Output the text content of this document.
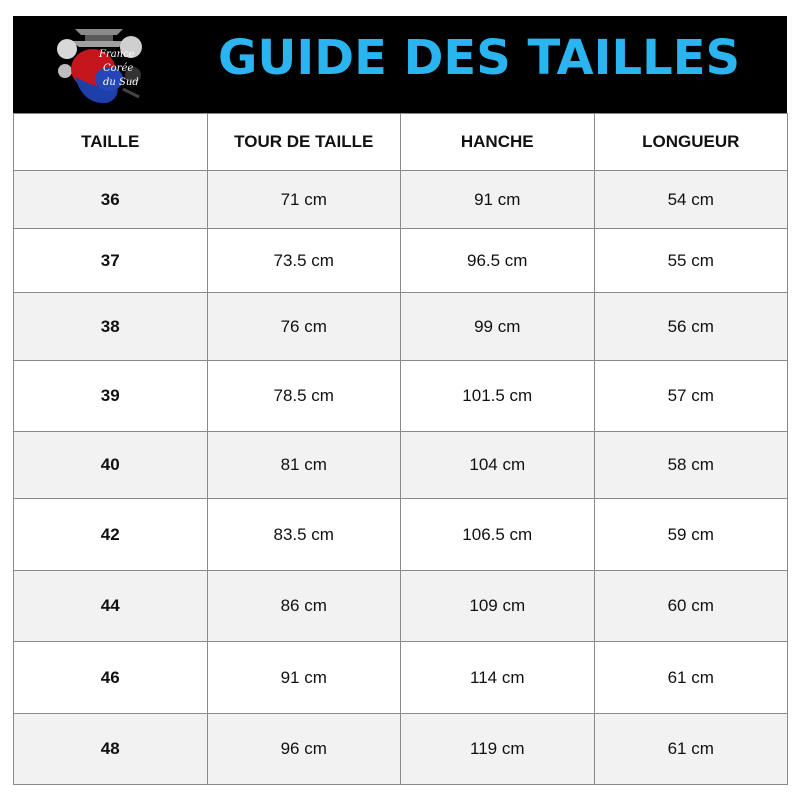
France
Corée
du Sud GUIDE DES TAILLES
TAILLE	TOUR DE TAILLE	HANCHE	LONGUEUR
36	71 cm	91 cm	54 cm
37	73.5 cm	96.5 cm	55 cm
38	76 cm	99 cm	56 cm
39	78.5 cm	101.5 cm	57 cm
40	81 cm	104 cm	58 cm
42	83.5 cm	106.5 cm	59 cm
44	86 cm	109 cm	60 cm
46	91 cm	114 cm	61 cm
48	96 cm	119 cm	61 cm
